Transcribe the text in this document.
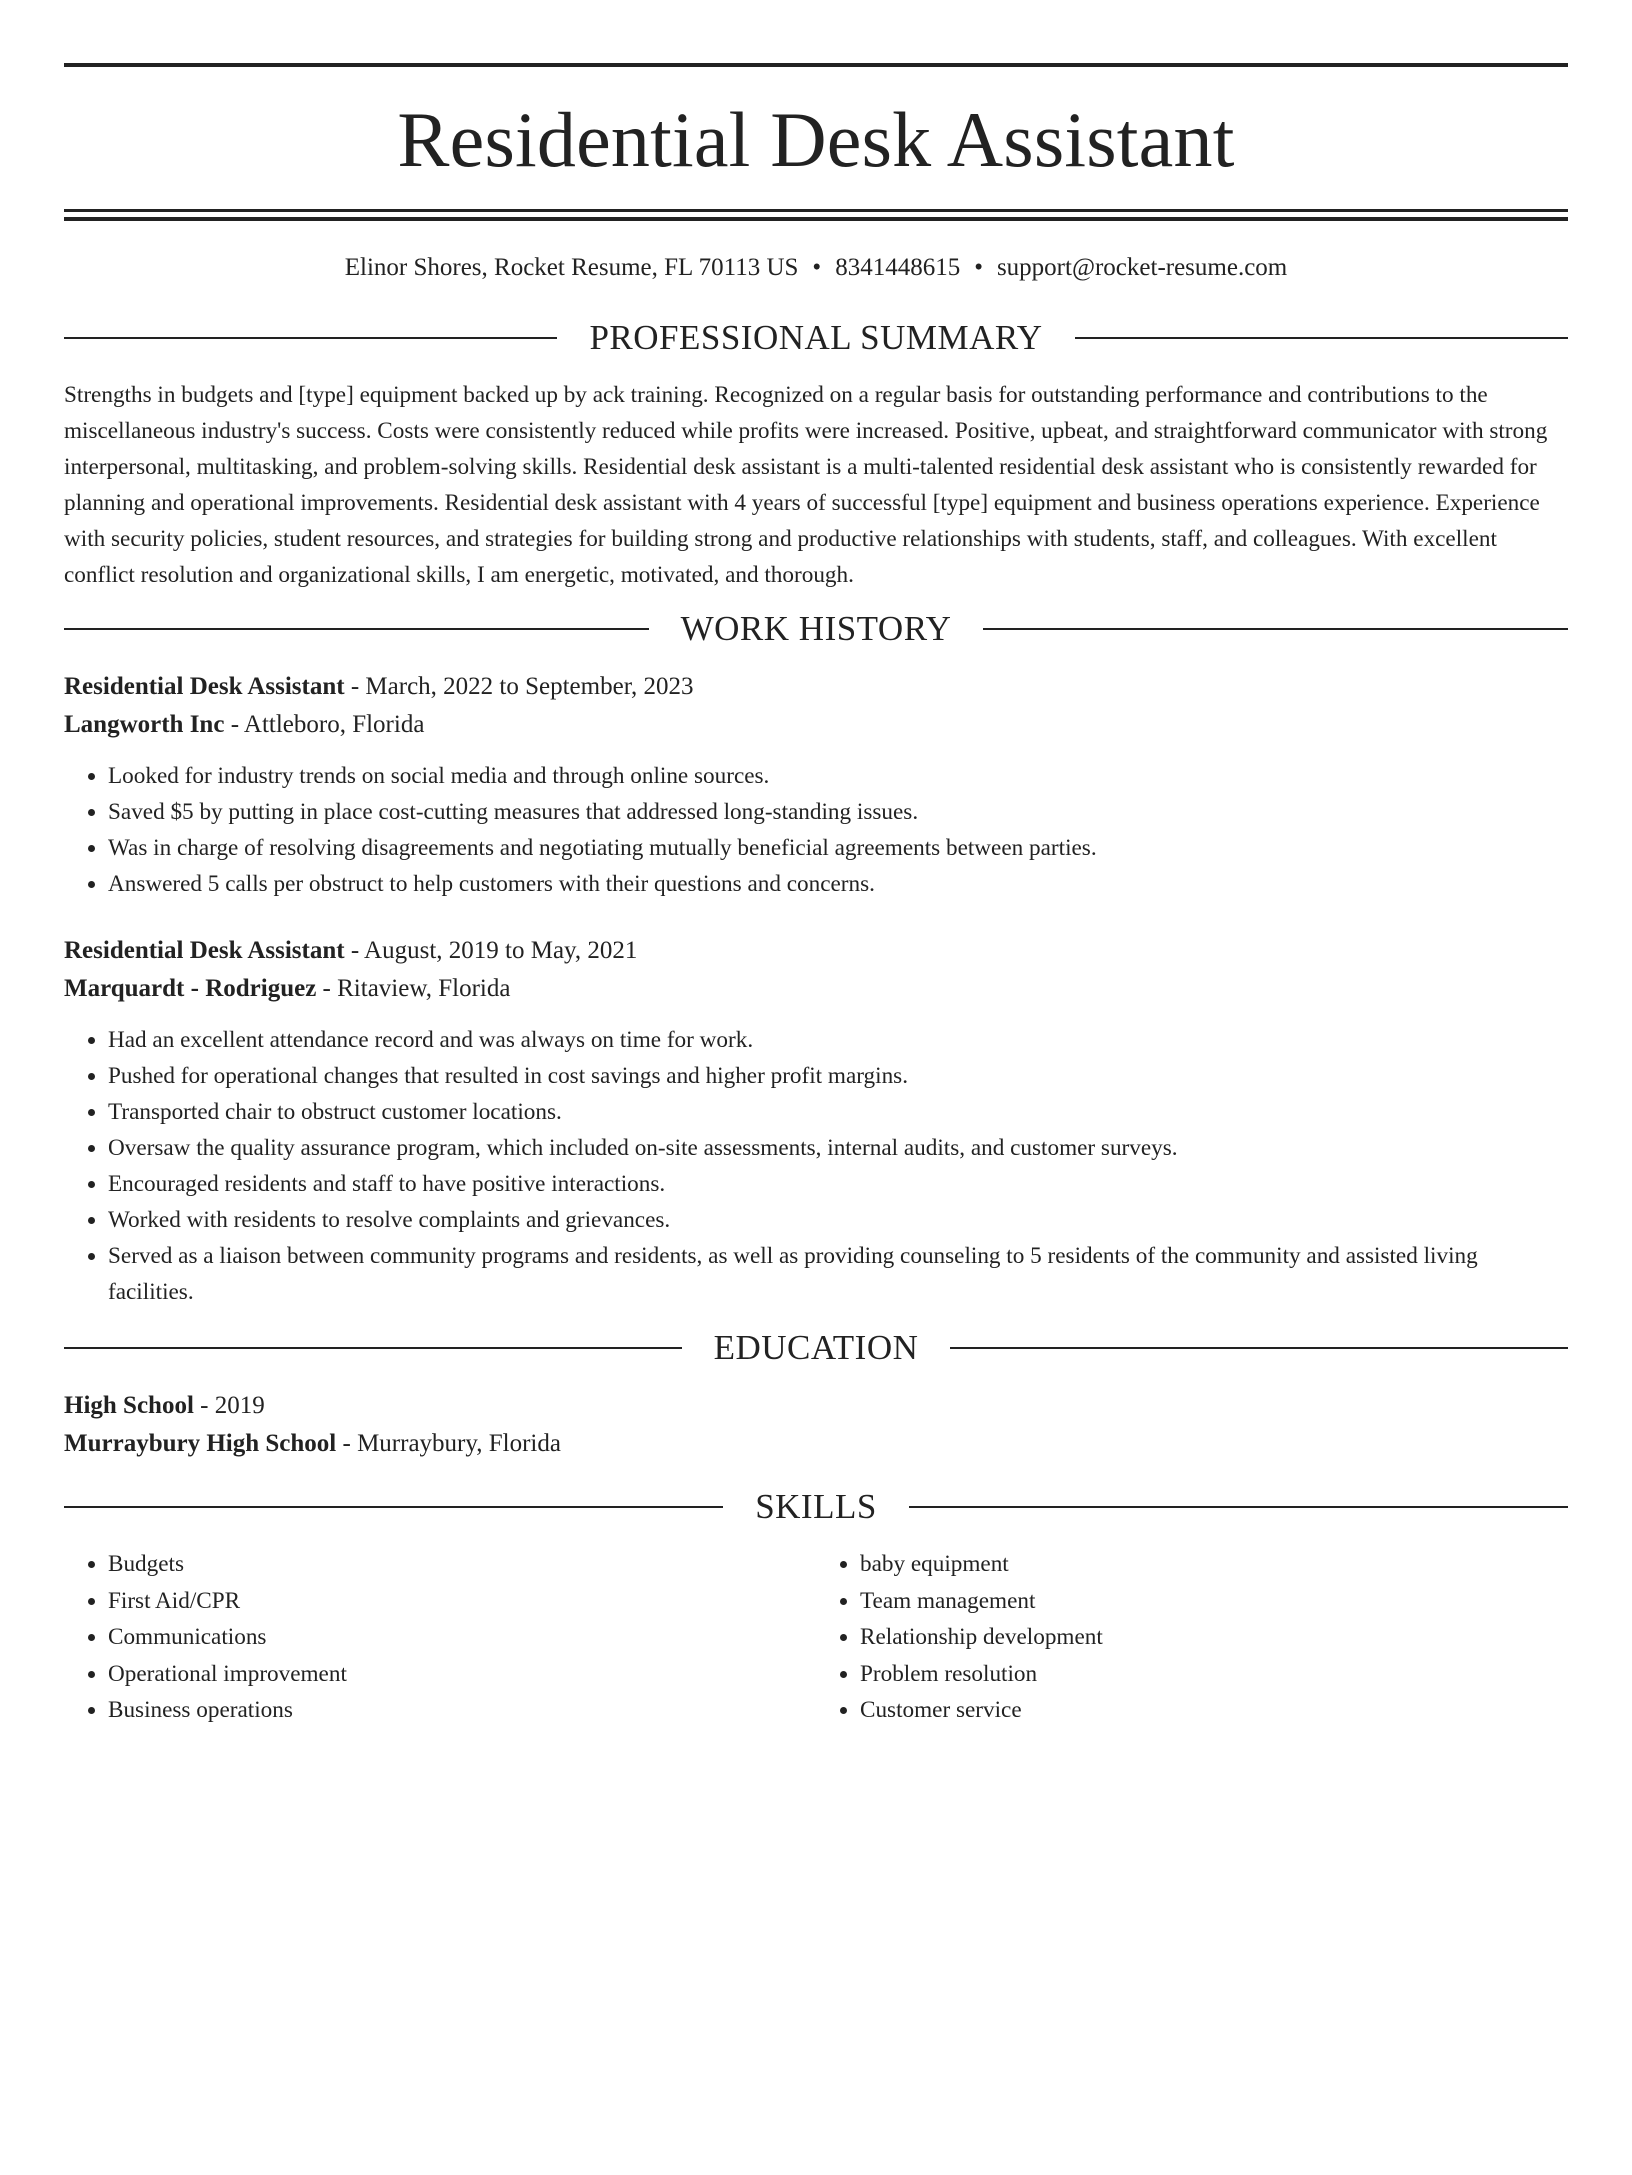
Residential Desk Assistant
Elinor Shores, Rocket Resume, FL 70113 US • 8341448615 • support@rocket-resume.com
PROFESSIONAL SUMMARY

Strengths in budgets and [type] equipment backed up by ack training. Recognized on a regular basis for outstanding performance and contributions to the miscellaneous industry's success. Costs were consistently reduced while profits were increased. Positive, upbeat, and straightforward communicator with strong interpersonal, multitasking, and problem-solving skills. Residential desk assistant is a multi-talented residential desk assistant who is consistently rewarded for planning and operational improvements. Residential desk assistant with 4 years of successful [type] equipment and business operations experience. Experience with security policies, student resources, and strategies for building strong and productive relationships with students, staff, and colleagues. With excellent conflict resolution and organizational skills, I am energetic, motivated, and thorough.

WORK HISTORY
Residential Desk Assistant - March, 2022 to September, 2023
Langworth Inc - Attleboro, Florida
• Looked for industry trends on social media and through online sources.
• Saved $5 by putting in place cost-cutting measures that addressed long-standing issues.
• Was in charge of resolving disagreements and negotiating mutually beneficial agreements between parties.
• Answered 5 calls per obstruct to help customers with their questions and concerns.
Residential Desk Assistant - August, 2019 to May, 2021
Marquardt - Rodriguez - Ritaview, Florida
• Had an excellent attendance record and was always on time for work.
• Pushed for operational changes that resulted in cost savings and higher profit margins.
• Transported chair to obstruct customer locations.
• Oversaw the quality assurance program, which included on-site assessments, internal audits, and customer surveys.
• Encouraged residents and staff to have positive interactions.
• Worked with residents to resolve complaints and grievances.
• Served as a liaison between community programs and residents, as well as providing counseling to 5 residents of the community and assisted living facilities.
EDUCATION
High School - 2019
Murraybury High School - Murraybury, Florida
SKILLS
• Budgets
• First Aid/CPR
• Communications
• Operational improvement
• Business operations
• baby equipment
• Team management
• Relationship development
• Problem resolution
• Customer service
